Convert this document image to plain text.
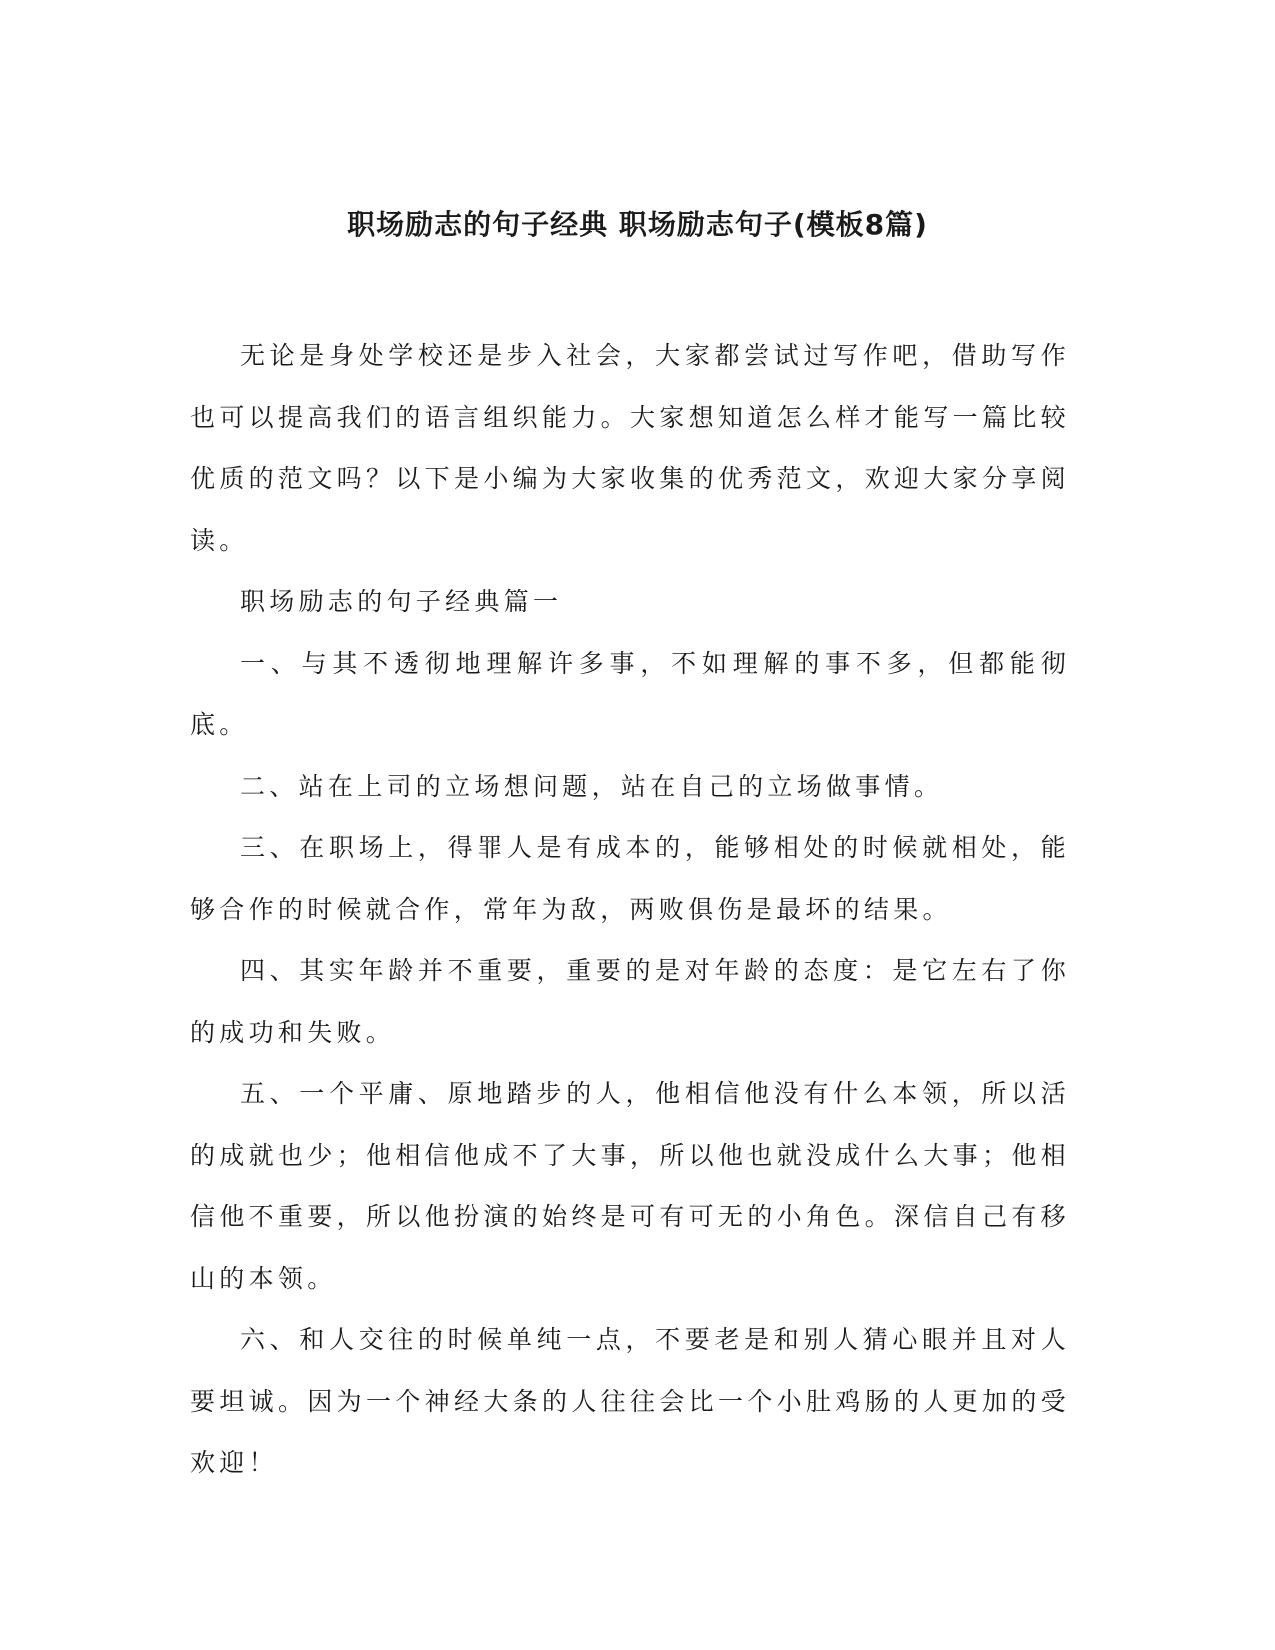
职场励志的句子经典 职场励志句子(模板8篇)

无论是身处学校还是步入社会，大家都尝试过写作吧，借助写作也可以提高我们的语言组织能力。大家想知道怎么样才能写一篇比较优质的范文吗？以下是小编为大家收集的优秀范文，欢迎大家分享阅读。

职场励志的句子经典篇一

一、与其不透彻地理解许多事，不如理解的事不多，但都能彻底。

二、站在上司的立场想问题，站在自己的立场做事情。

三、在职场上，得罪人是有成本的，能够相处的时候就相处，能够合作的时候就合作，常年为敌，两败俱伤是最坏的结果。

四、其实年龄并不重要，重要的是对年龄的态度：是它左右了你的成功和失败。

五、一个平庸、原地踏步的人，他相信他没有什么本领，所以活的成就也少；他相信他成不了大事，所以他也就没成什么大事；他相信他不重要，所以他扮演的始终是可有可无的小角色。深信自己有移山的本领。

六、和人交往的时候单纯一点，不要老是和别人猜心眼并且对人要坦诚。因为一个神经大条的人往往会比一个小肚鸡肠的人更加的受欢迎！
